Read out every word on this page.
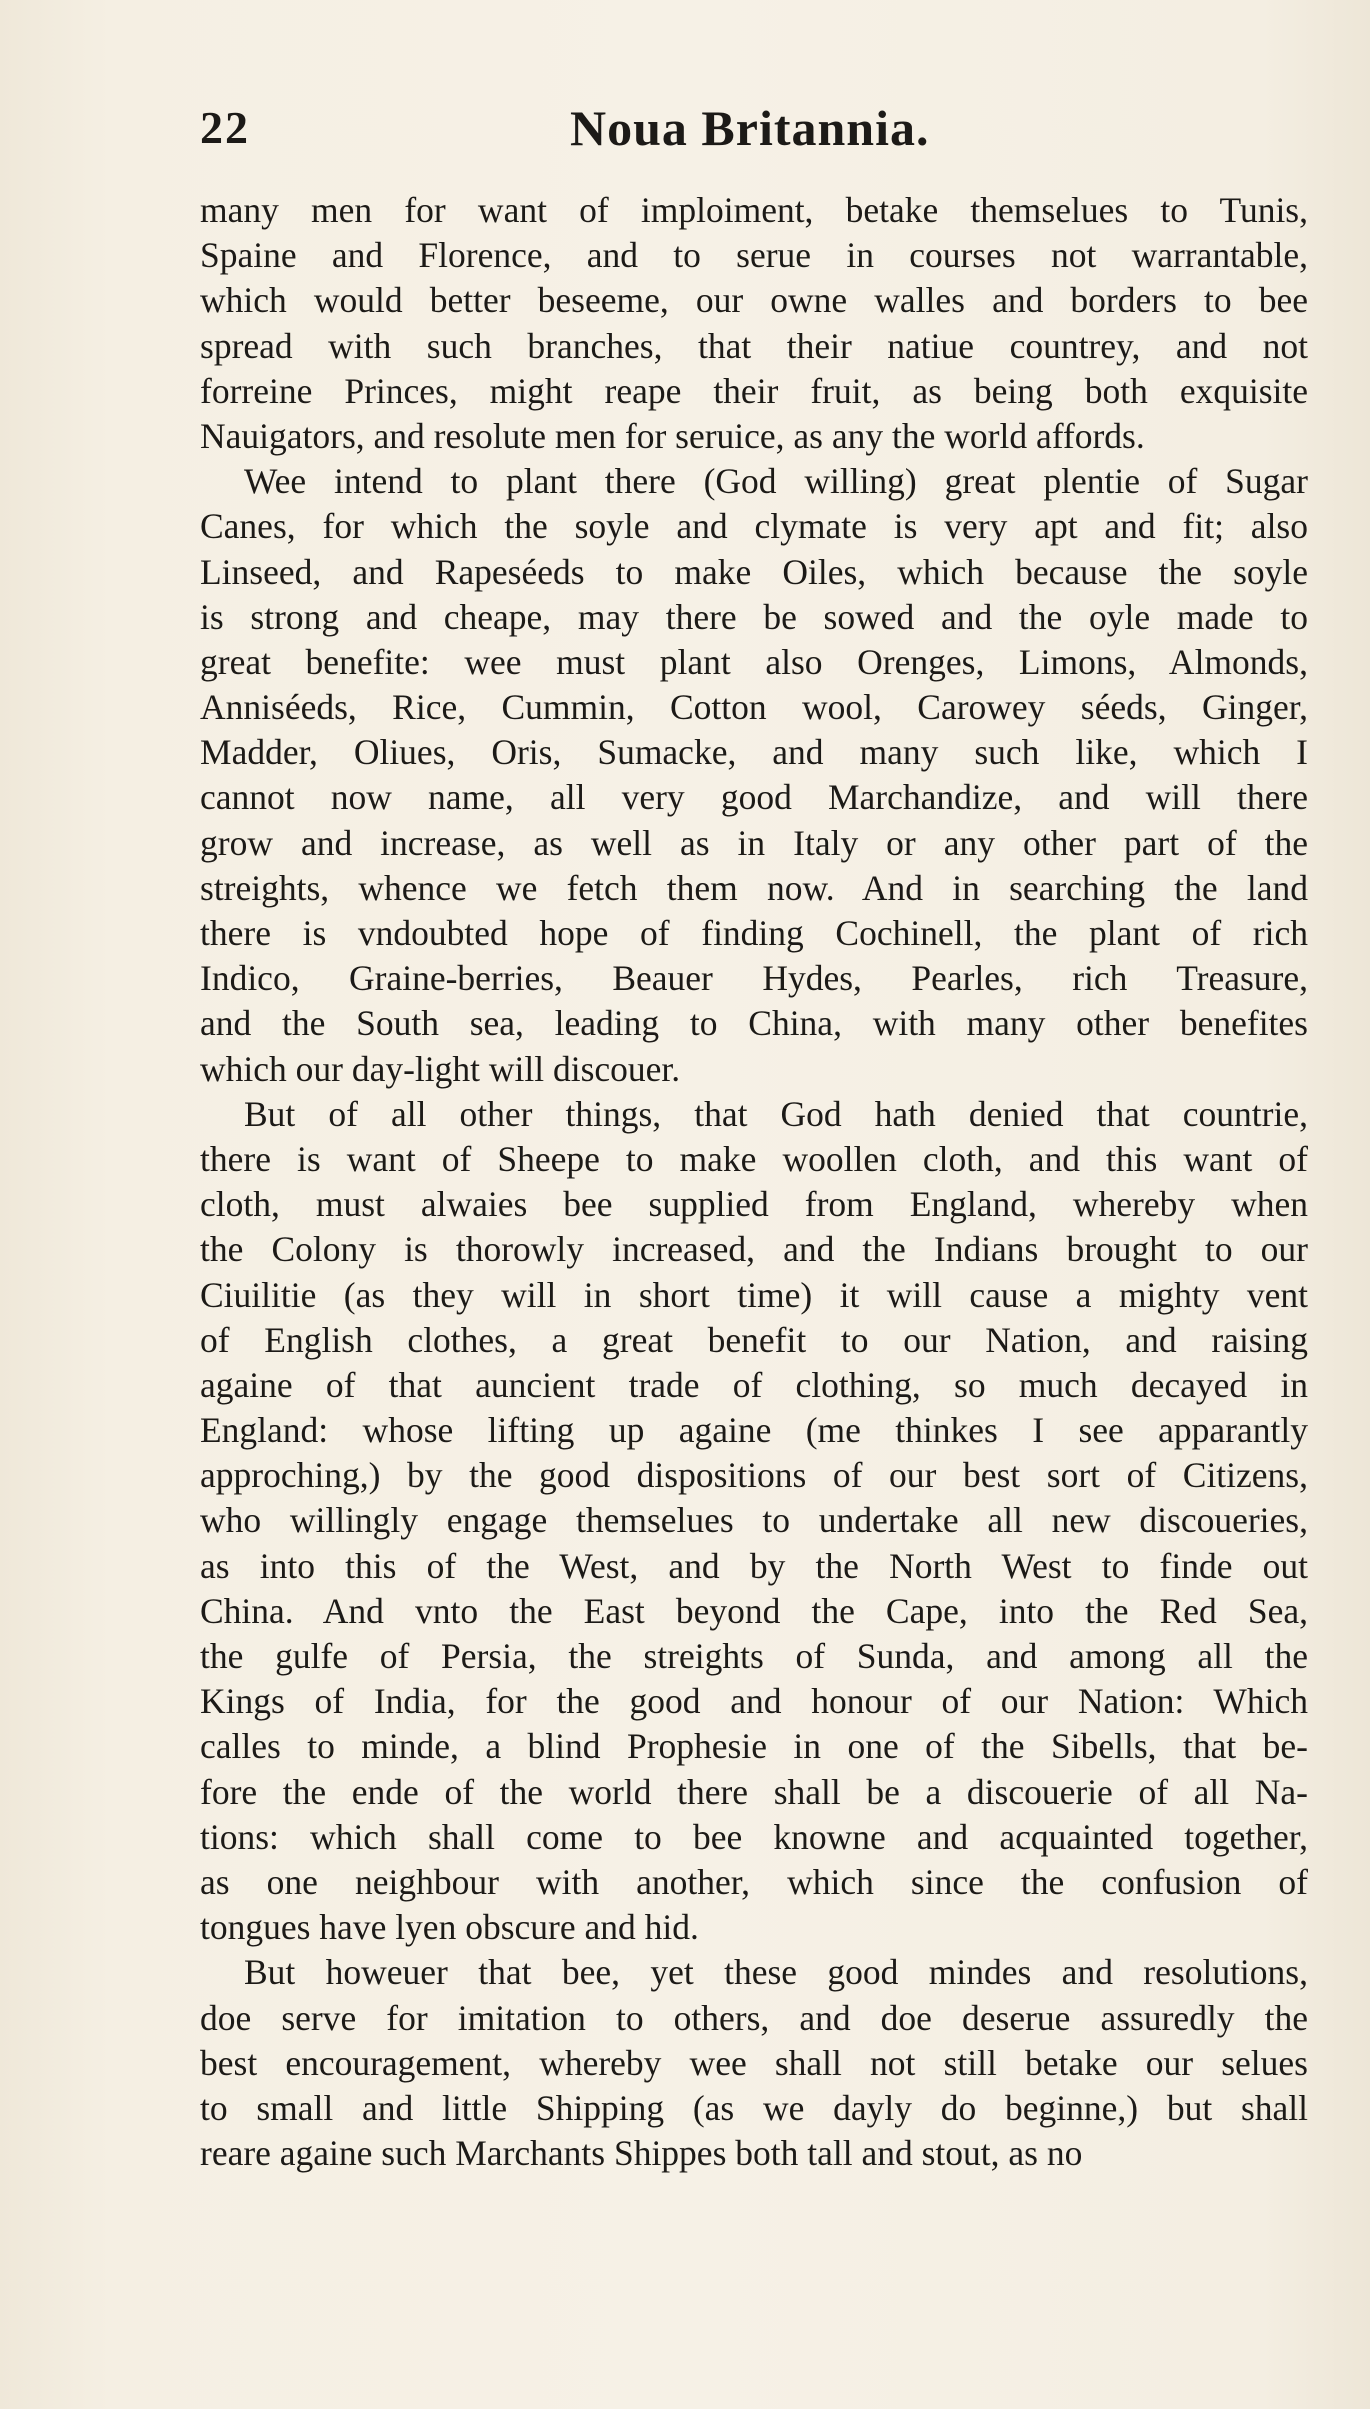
22	Noua Britannia.
many men for want of imploiment, betake themselues to Tunis,
Spaine and Florence, and to serue in courses not warrantable,
which would better beseeme, our owne walles and borders to bee
spread with such branches, that their natiue countrey, and not
forreine Princes, might reape their fruit, as being both exquisite
Nauigators, and resolute men for seruice, as any the world affords.
Wee intend to plant there (God willing) great plentie of Sugar
Canes, for which the soyle and clymate is very apt and fit; also
Linseed, and Rapeséeds to make Oiles, which because the soyle
is strong and cheape, may there be sowed and the oyle made to
great benefite: wee must plant also Orenges, Limons, Almonds,
Anniséeds, Rice, Cummin, Cotton wool, Carowey séeds, Ginger,
Madder, Oliues, Oris, Sumacke, and many such like, which I
cannot now name, all very good Marchandize, and will there
grow and increase, as well as in Italy or any other part of the
streights, whence we fetch them now. And in searching the land
there is vndoubted hope of finding Cochinell, the plant of rich
Indico, Graine-berries, Beauer Hydes, Pearles, rich Treasure,
and the South sea, leading to China, with many other benefites
which our day-light will discouer.
But of all other things, that God hath denied that countrie,
there is want of Sheepe to make woollen cloth, and this want of
cloth, must alwaies bee supplied from England, whereby when
the Colony is thorowly increased, and the Indians brought to our
Ciuilitie (as they will in short time) it will cause a mighty vent
of English clothes, a great benefit to our Nation, and raising
againe of that auncient trade of clothing, so much decayed in
England: whose lifting up againe (me thinkes I see apparantly
approching,) by the good dispositions of our best sort of Citizens,
who willingly engage themselues to undertake all new discoueries,
as into this of the West, and by the North West to finde out
China. And vnto the East beyond the Cape, into the Red Sea,
the gulfe of Persia, the streights of Sunda, and among all the
Kings of India, for the good and honour of our Nation: Which
calles to minde, a blind Prophesie in one of the Sibells, that be-
fore the ende of the world there shall be a discouerie of all Na-
tions: which shall come to bee knowne and acquainted together,
as one neighbour with another, which since the confusion of
tongues have lyen obscure and hid.
But howeuer that bee, yet these good mindes and resolutions,
doe serve for imitation to others, and doe deserue assuredly the
best encouragement, whereby wee shall not still betake our selues
to small and little Shipping (as we dayly do beginne,) but shall
reare againe such Marchants Shippes both tall and stout, as no
